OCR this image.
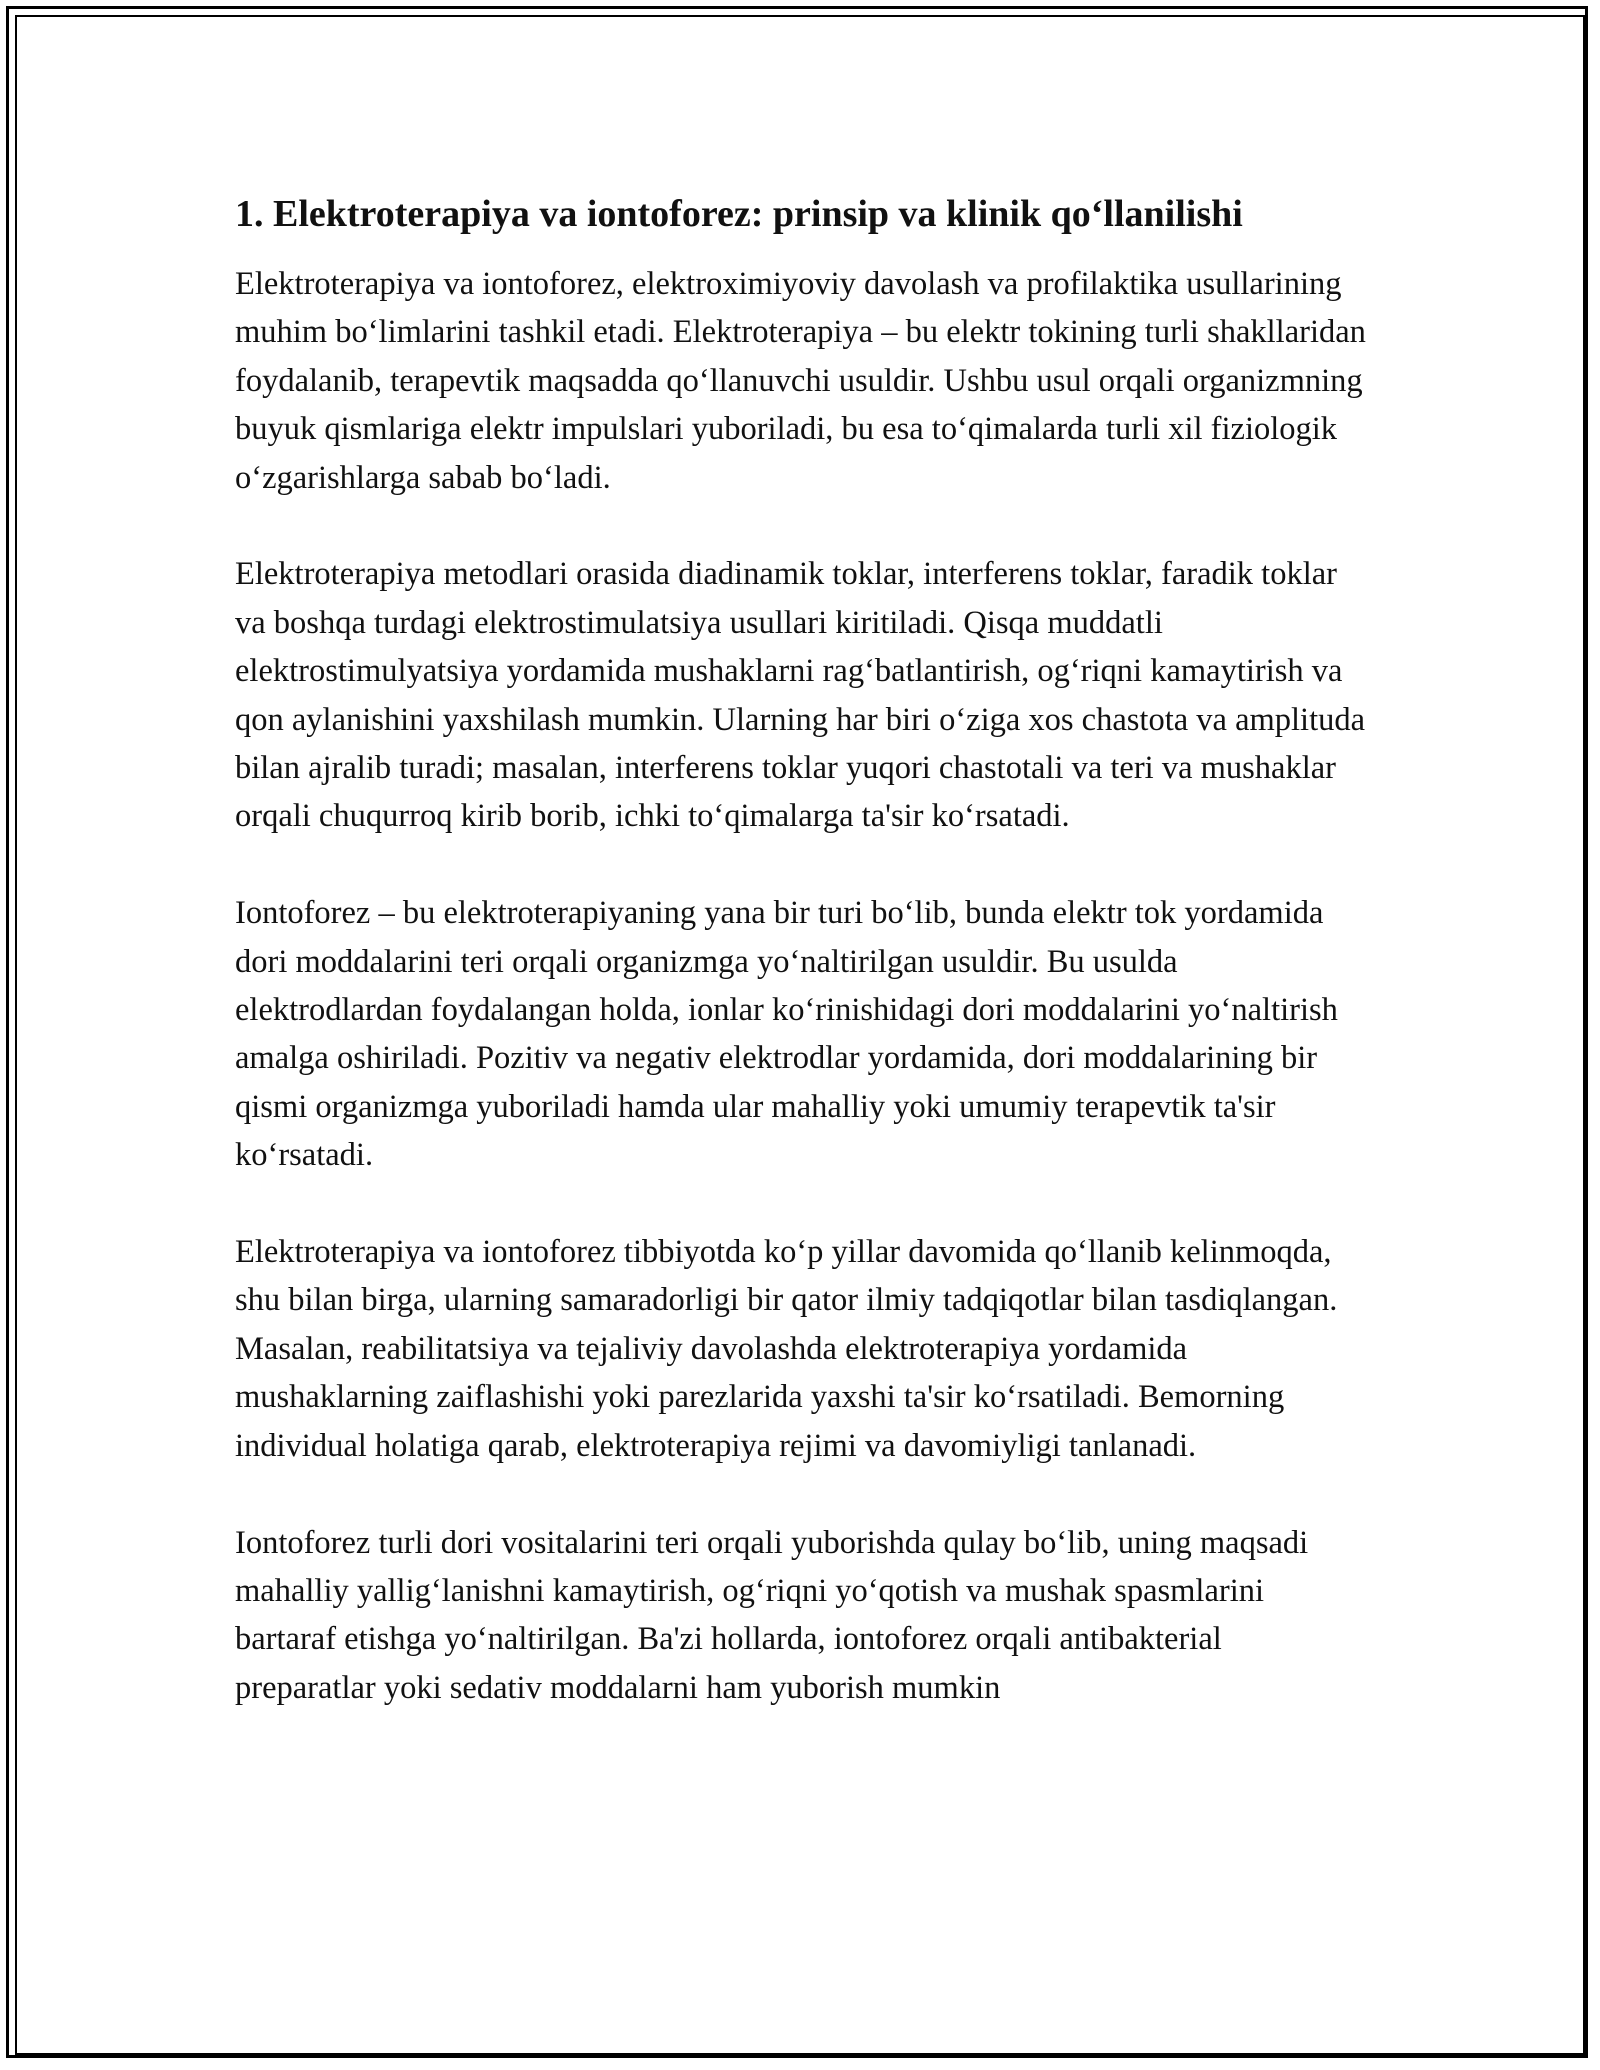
1. Elektroterapiya va iontoforez: prinsip va klinik qo‘llanilishi

Elektroterapiya va iontoforez, elektroximiyoviy davolash va profilaktika usullarining muhim bo‘limlarini tashkil etadi. Elektroterapiya – bu elektr tokining turli shakllaridan foydalanib, terapevtik maqsadda qo‘llanuvchi usuldir. Ushbu usul orqali organizmning buyuk qismlariga elektr impulslari yuboriladi, bu esa to‘qimalarda turli xil fiziologik o‘zgarishlarga sabab bo‘ladi.

Elektroterapiya metodlari orasida diadinamik toklar, interferens toklar, faradik toklar va boshqa turdagi elektrostimulatsiya usullari kiritiladi. Qisqa muddatli elektrostimulyatsiya yordamida mushaklarni rag‘batlantirish, og‘riqni kamaytirish va qon aylanishini yaxshilash mumkin. Ularning har biri o‘ziga xos chastota va amplituda bilan ajralib turadi; masalan, interferens toklar yuqori chastotali va teri va mushaklar orqali chuqurroq kirib borib, ichki to‘qimalarga ta'sir ko‘rsatadi.

Iontoforez – bu elektroterapiyaning yana bir turi bo‘lib, bunda elektr tok yordamida dori moddalarini teri orqali organizmga yo‘naltirilgan usuldir. Bu usulda elektrodlardan foydalangan holda, ionlar ko‘rinishidagi dori moddalarini yo‘naltirish amalga oshiriladi. Pozitiv va negativ elektrodlar yordamida, dori moddalarining bir qismi organizmga yuboriladi hamda ular mahalliy yoki umumiy terapevtik ta'sir ko‘rsatadi.

Elektroterapiya va iontoforez tibbiyotda ko‘p yillar davomida qo‘llanib kelinmoqda, shu bilan birga, ularning samaradorligi bir qator ilmiy tadqiqotlar bilan tasdiqlangan. Masalan, reabilitatsiya va tejaliviy davolashda elektroterapiya yordamida mushaklarning zaiflashishi yoki parezlarida yaxshi ta'sir ko‘rsatiladi. Bemorning individual holatiga qarab, elektroterapiya rejimi va davomiyligi tanlanadi.

Iontoforez turli dori vositalarini teri orqali yuborishda qulay bo‘lib, uning maqsadi mahalliy yallig‘lanishni kamaytirish, og‘riqni yo‘qotish va mushak spasmlarini bartaraf etishga yo‘naltirilgan. Ba'zi hollarda, iontoforez orqali antibakterial preparatlar yoki sedativ moddalarni ham yuborish mumkin
